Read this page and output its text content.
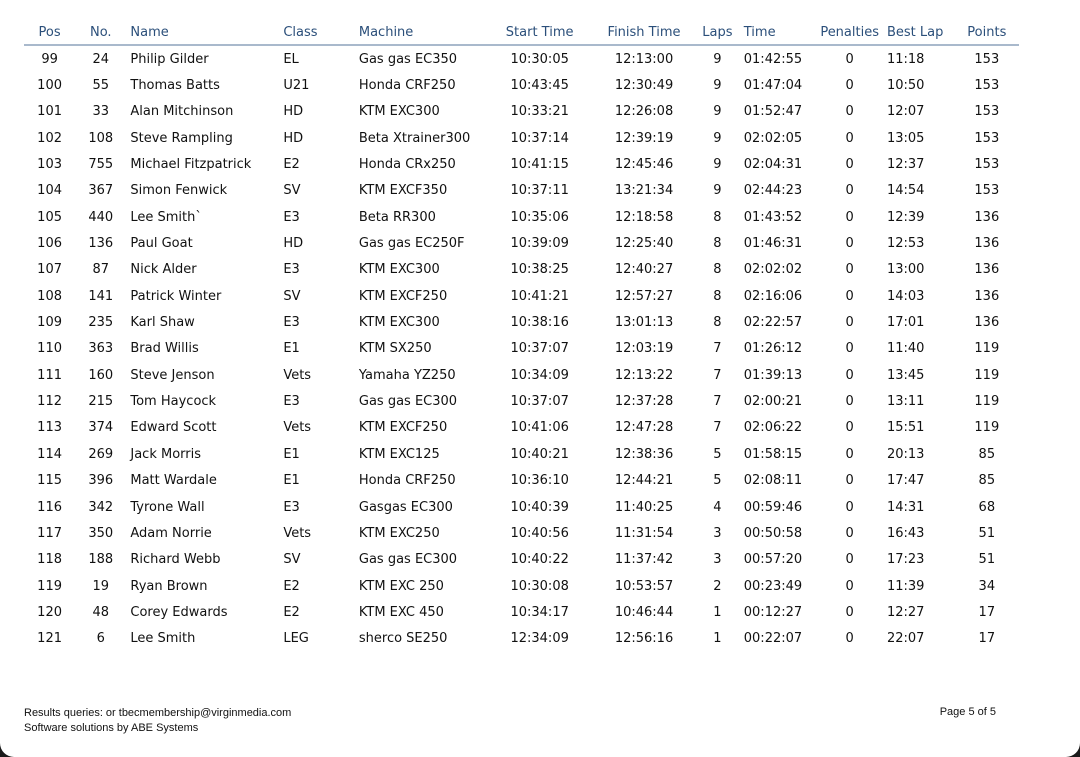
Pos	No.	Name	Class	Machine	Start Time	Finish Time	Laps	Time	Penalties	Best Lap	Points
99	24	Philip Gilder	EL	Gas gas EC350	10:30:05	12:13:00	9	01:42:55	0	11:18	153
100	55	Thomas Batts	U21	Honda CRF250	10:43:45	12:30:49	9	01:47:04	0	10:50	153
101	33	Alan Mitchinson	HD	KTM EXC300	10:33:21	12:26:08	9	01:52:47	0	12:07	153
102	108	Steve Rampling	HD	Beta Xtrainer300	10:37:14	12:39:19	9	02:02:05	0	13:05	153
103	755	Michael Fitzpatrick	E2	Honda CRx250	10:41:15	12:45:46	9	02:04:31	0	12:37	153
104	367	Simon Fenwick	SV	KTM EXCF350	10:37:11	13:21:34	9	02:44:23	0	14:54	153
105	440	Lee Smith`	E3	Beta RR300	10:35:06	12:18:58	8	01:43:52	0	12:39	136
106	136	Paul Goat	HD	Gas gas EC250F	10:39:09	12:25:40	8	01:46:31	0	12:53	136
107	87	Nick Alder	E3	KTM EXC300	10:38:25	12:40:27	8	02:02:02	0	13:00	136
108	141	Patrick Winter	SV	KTM EXCF250	10:41:21	12:57:27	8	02:16:06	0	14:03	136
109	235	Karl Shaw	E3	KTM EXC300	10:38:16	13:01:13	8	02:22:57	0	17:01	136
110	363	Brad Willis	E1	KTM SX250	10:37:07	12:03:19	7	01:26:12	0	11:40	119
111	160	Steve Jenson	Vets	Yamaha YZ250	10:34:09	12:13:22	7	01:39:13	0	13:45	119
112	215	Tom Haycock	E3	Gas gas EC300	10:37:07	12:37:28	7	02:00:21	0	13:11	119
113	374	Edward Scott	Vets	KTM EXCF250	10:41:06	12:47:28	7	02:06:22	0	15:51	119
114	269	Jack Morris	E1	KTM EXC125	10:40:21	12:38:36	5	01:58:15	0	20:13	85
115	396	Matt Wardale	E1	Honda CRF250	10:36:10	12:44:21	5	02:08:11	0	17:47	85
116	342	Tyrone Wall	E3	Gasgas EC300	10:40:39	11:40:25	4	00:59:46	0	14:31	68
117	350	Adam Norrie	Vets	KTM EXC250	10:40:56	11:31:54	3	00:50:58	0	16:43	51
118	188	Richard Webb	SV	Gas gas EC300	10:40:22	11:37:42	3	00:57:20	0	17:23	51
119	19	Ryan Brown	E2	KTM EXC 250	10:30:08	10:53:57	2	00:23:49	0	11:39	34
120	48	Corey Edwards	E2	KTM EXC 450	10:34:17	10:46:44	1	00:12:27	0	12:27	17
121	6	Lee Smith	LEG	sherco SE250	12:34:09	12:56:16	1	00:22:07	0	22:07	17
Results queries: or tbecmembership@virginmedia.com
Software solutions by ABE Systems
Page 5 of 5
